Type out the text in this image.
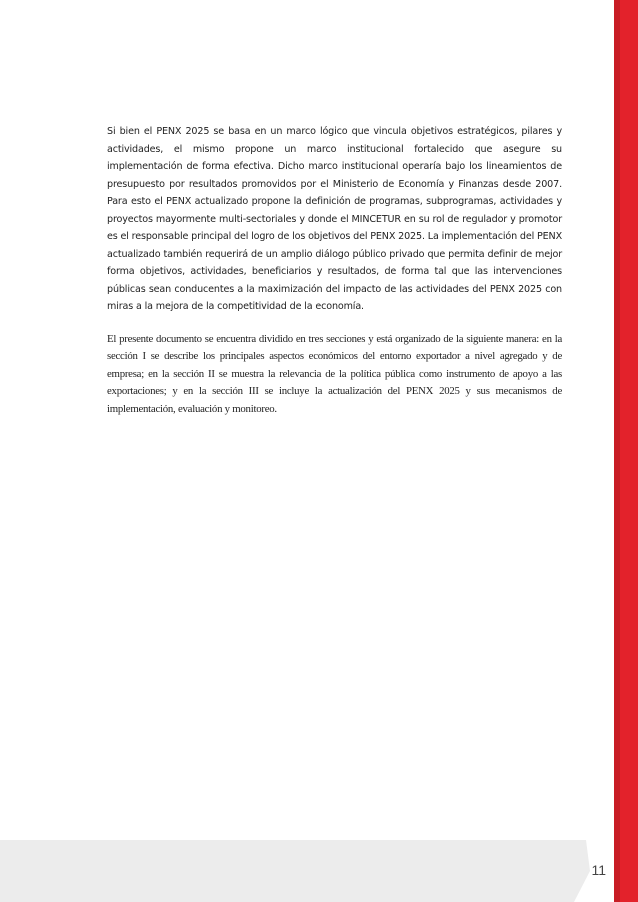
Si bien el PENX 2025 se basa en un marco lógico que vincula objetivos estratégicos, pilares y actividades, el mismo propone un marco institucional fortalecido que asegure su implementación de forma efectiva. Dicho marco institucional operaría bajo los lineamientos de presupuesto por resultados promovidos por el Ministerio de Economía y Finanzas desde 2007. Para esto el PENX actualizado propone la definición de programas, subprogramas, actividades y proyectos mayormente multi-sectoriales y donde el MINCETUR en su rol de regulador y promotor es el responsable principal del logro de los objetivos del PENX 2025. La implementación del PENX actualizado también requerirá de un amplio diálogo público privado que permita definir de mejor forma objetivos, actividades, beneficiarios y resultados, de forma tal que las intervenciones públicas sean conducentes a la maximización del impacto de las actividades del PENX 2025 con miras a la mejora de la competitividad de la economía.

El presente documento se encuentra dividido en tres secciones y está organizado de la siguiente manera: en la sección I se describe los principales aspectos económicos del entorno exportador a nivel agregado y de empresa; en la sección II se muestra la relevancia de la política pública como instrumento de apoyo a las exportaciones; y en la sección III se incluye la actualización del PENX 2025 y sus mecanismos de implementación, evaluación y monitoreo.

11
